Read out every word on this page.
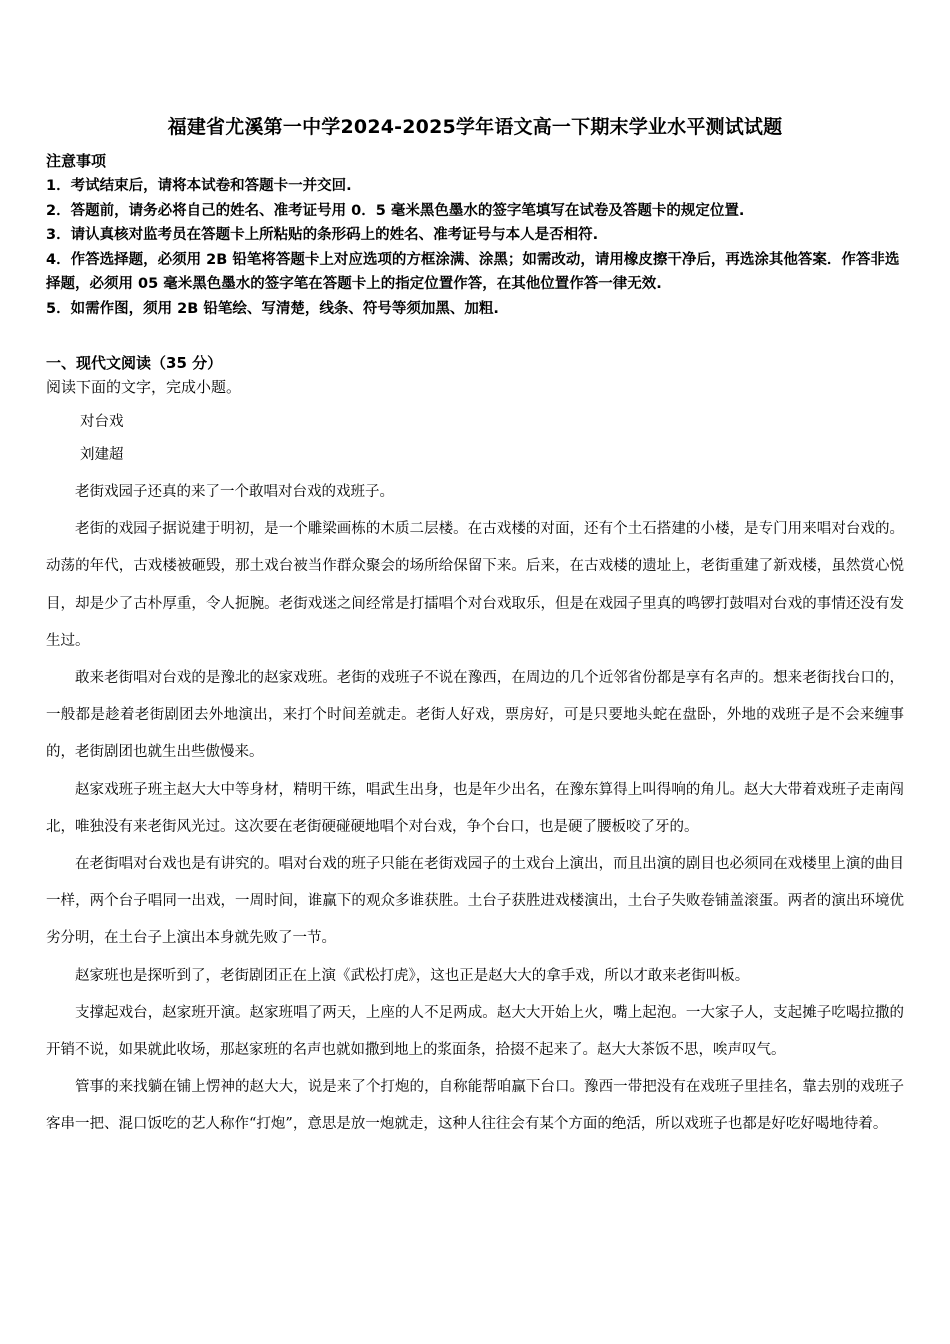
福建省尤溪第一中学2024-2025学年语文高一下期末学业水平测试试题
注意事项
1．考试结束后，请将本试卷和答题卡一并交回.
2．答题前，请务必将自己的姓名、准考证号用 0．5 毫米黑色墨水的签字笔填写在试卷及答题卡的规定位置.
3．请认真核对监考员在答题卡上所粘贴的条形码上的姓名、准考证号与本人是否相符.
4．作答选择题，必须用 2B 铅笔将答题卡上对应选项的方框涂满、涂黑；如需改动，请用橡皮擦干净后，再选涂其他答案．作答非选择题，必须用 05 毫米黑色墨水的签字笔在答题卡上的指定位置作答，在其他位置作答一律无效.
5．如需作图，须用 2B 铅笔绘、写清楚，线条、符号等须加黑、加粗.
一、现代文阅读（35 分）
阅读下面的文字，完成小题。
对台戏
刘建超

老街戏园子还真的来了一个敢唱对台戏的戏班子。

老街的戏园子据说建于明初，是一个雕梁画栋的木质二层楼。在古戏楼的对面，还有个土石搭建的小楼，是专门用来唱对台戏的。动荡的年代，古戏楼被砸毁，那土戏台被当作群众聚会的场所给保留下来。后来，在古戏楼的遗址上，老街重建了新戏楼，虽然赏心悦目，却是少了古朴厚重，令人扼腕。老街戏迷之间经常是打擂唱个对台戏取乐，但是在戏园子里真的鸣锣打鼓唱对台戏的事情还没有发生过。

敢来老街唱对台戏的是豫北的赵家戏班。老街的戏班子不说在豫西，在周边的几个近邻省份都是享有名声的。想来老街找台口的，一般都是趁着老街剧团去外地演出，来打个时间差就走。老街人好戏，票房好，可是只要地头蛇在盘卧，外地的戏班子是不会来缠事的，老街剧团也就生出些傲慢来。

赵家戏班子班主赵大大中等身材，精明干练，唱武生出身，也是年少出名，在豫东算得上叫得响的角儿。赵大大带着戏班子走南闯北，唯独没有来老街风光过。这次要在老街硬碰硬地唱个对台戏，争个台口，也是硬了腰板咬了牙的。

在老街唱对台戏也是有讲究的。唱对台戏的班子只能在老街戏园子的土戏台上演出，而且出演的剧目也必须同在戏楼里上演的曲目一样，两个台子唱同一出戏，一周时间，谁赢下的观众多谁获胜。土台子获胜进戏楼演出，土台子失败卷铺盖滚蛋。两者的演出环境优劣分明，在土台子上演出本身就先败了一节。

赵家班也是探听到了，老街剧团正在上演《武松打虎》，这也正是赵大大的拿手戏，所以才敢来老街叫板。

支撑起戏台，赵家班开演。赵家班唱了两天，上座的人不足两成。赵大大开始上火，嘴上起泡。一大家子人，支起摊子吃喝拉撒的开销不说，如果就此收场，那赵家班的名声也就如撒到地上的浆面条，拾掇不起来了。赵大大茶饭不思，唉声叹气。

管事的来找躺在铺上愣神的赵大大，说是来了个打炮的，自称能帮咱赢下台口。豫西一带把没有在戏班子里挂名，靠去别的戏班子客串一把、混口饭吃的艺人称作“打炮”，意思是放一炮就走，这种人往往会有某个方面的绝活，所以戏班子也都是好吃好喝地待着。
